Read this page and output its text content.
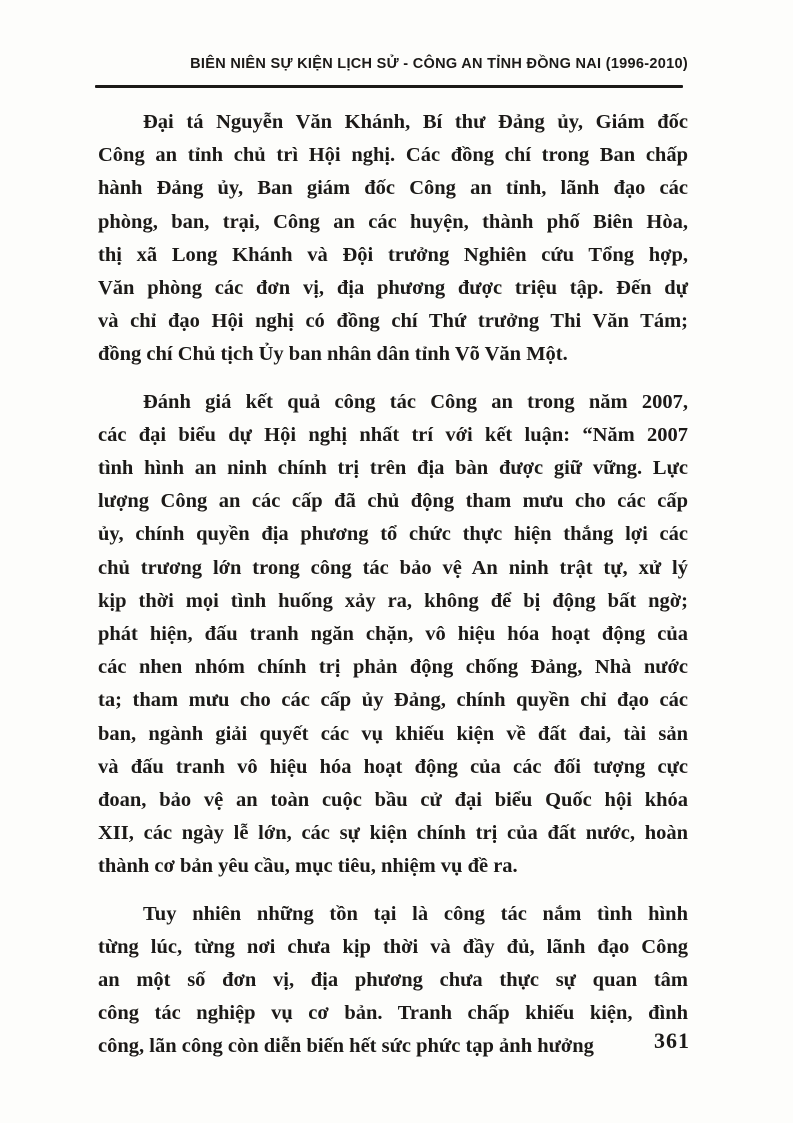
BIÊN NIÊN SỰ KIỆN LỊCH SỬ - CÔNG AN TỈNH ĐỒNG NAI (1996-2010)
Đại tá Nguyễn Văn Khánh, Bí thư Đảng ủy, Giám đốc
Công an tỉnh chủ trì Hội nghị. Các đồng chí trong Ban chấp
hành Đảng ủy, Ban giám đốc Công an tỉnh, lãnh đạo các
phòng, ban, trại, Công an các huyện, thành phố Biên Hòa,
thị xã Long Khánh và Đội trưởng Nghiên cứu Tổng hợp,
Văn phòng các đơn vị, địa phương được triệu tập. Đến dự
và chỉ đạo Hội nghị có đồng chí Thứ trưởng Thi Văn Tám;
đồng chí Chủ tịch Ủy ban nhân dân tỉnh Võ Văn Một.
Đánh giá kết quả công tác Công an trong năm 2007,
các đại biểu dự Hội nghị nhất trí với kết luận: “Năm 2007
tình hình an ninh chính trị trên địa bàn được giữ vững. Lực
lượng Công an các cấp đã chủ động tham mưu cho các cấp
ủy, chính quyền địa phương tổ chức thực hiện thắng lợi các
chủ trương lớn trong công tác bảo vệ An ninh trật tự, xử lý
kịp thời mọi tình huống xảy ra, không để bị động bất ngờ;
phát hiện, đấu tranh ngăn chặn, vô hiệu hóa hoạt động của
các nhen nhóm chính trị phản động chống Đảng, Nhà nước
ta; tham mưu cho các cấp ủy Đảng, chính quyền chỉ đạo các
ban, ngành giải quyết các vụ khiếu kiện về đất đai, tài sản
và đấu tranh vô hiệu hóa hoạt động của các đối tượng cực
đoan, bảo vệ an toàn cuộc bầu cử đại biểu Quốc hội khóa
XII, các ngày lễ lớn, các sự kiện chính trị của đất nước, hoàn
thành cơ bản yêu cầu, mục tiêu, nhiệm vụ đề ra.
Tuy nhiên những tồn tại là công tác nắm tình hình
từng lúc, từng nơi chưa kịp thời và đầy đủ, lãnh đạo Công
an một số đơn vị, địa phương chưa thực sự quan tâm
công tác nghiệp vụ cơ bản. Tranh chấp khiếu kiện, đình
công, lãn công còn diễn biến hết sức phức tạp ảnh hưởng	361
